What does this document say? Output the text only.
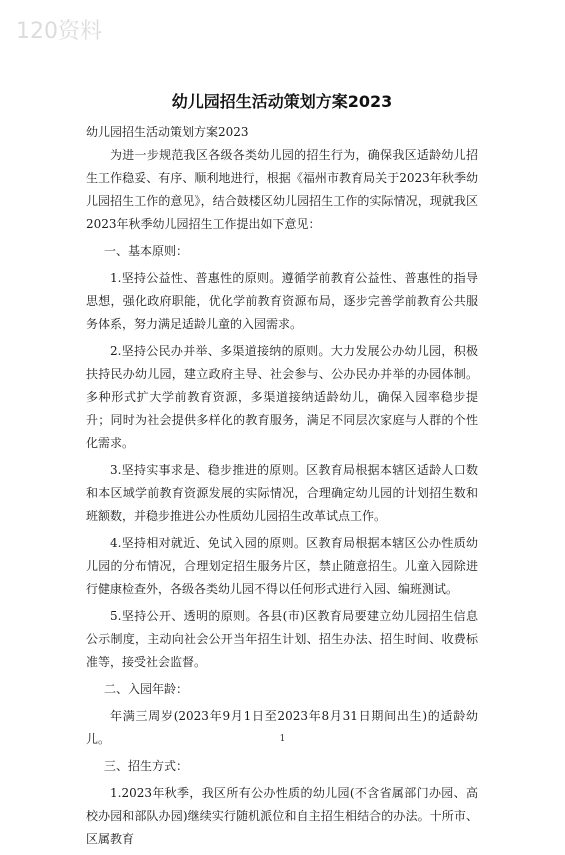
120资料
幼儿园招生活动策划方案2023
幼儿园招生活动策划方案2023

为进一步规范我区各级各类幼儿园的招生行为，确保我区适龄幼儿招生工作稳妥、有序、顺利地进行，根据《福州市教育局关于2023年秋季幼儿园招生工作的意见》，结合鼓楼区幼儿园招生工作的实际情况，现就我区2023年秋季幼儿园招生工作提出如下意见：

一、基本原则：

1.坚持公益性、普惠性的原则。遵循学前教育公益性、普惠性的指导思想，强化政府职能，优化学前教育资源布局，逐步完善学前教育公共服务体系，努力满足适龄儿童的入园需求。

2.坚持公民办并举、多渠道接纳的原则。大力发展公办幼儿园，积极扶持民办幼儿园，建立政府主导、社会参与、公办民办并举的办园体制。多种形式扩大学前教育资源，多渠道接纳适龄幼儿，确保入园率稳步提升；同时为社会提供多样化的教育服务，满足不同层次家庭与人群的个性化需求。

3.坚持实事求是、稳步推进的原则。区教育局根据本辖区适龄人口数和本区域学前教育资源发展的实际情况，合理确定幼儿园的计划招生数和班额数，并稳步推进公办性质幼儿园招生改革试点工作。

4.坚持相对就近、免试入园的原则。区教育局根据本辖区公办性质幼儿园的分布情况，合理划定招生服务片区，禁止随意招生。儿童入园除进行健康检查外，各级各类幼儿园不得以任何形式进行入园、编班测试。

5.坚持公开、透明的原则。各县(市)区教育局要建立幼儿园招生信息公示制度，主动向社会公开当年招生计划、招生办法、招生时间、收费标准等，接受社会监督。

二、入园年龄：

年满三周岁(2023年9月1日至2023年8月31日期间出生)的适龄幼儿。

三、招生方式：

1.2023年秋季，我区所有公办性质的幼儿园(不含省属部门办园、高校办园和部队办园)继续实行随机派位和自主招生相结合的办法。十所市、区属教育

1
